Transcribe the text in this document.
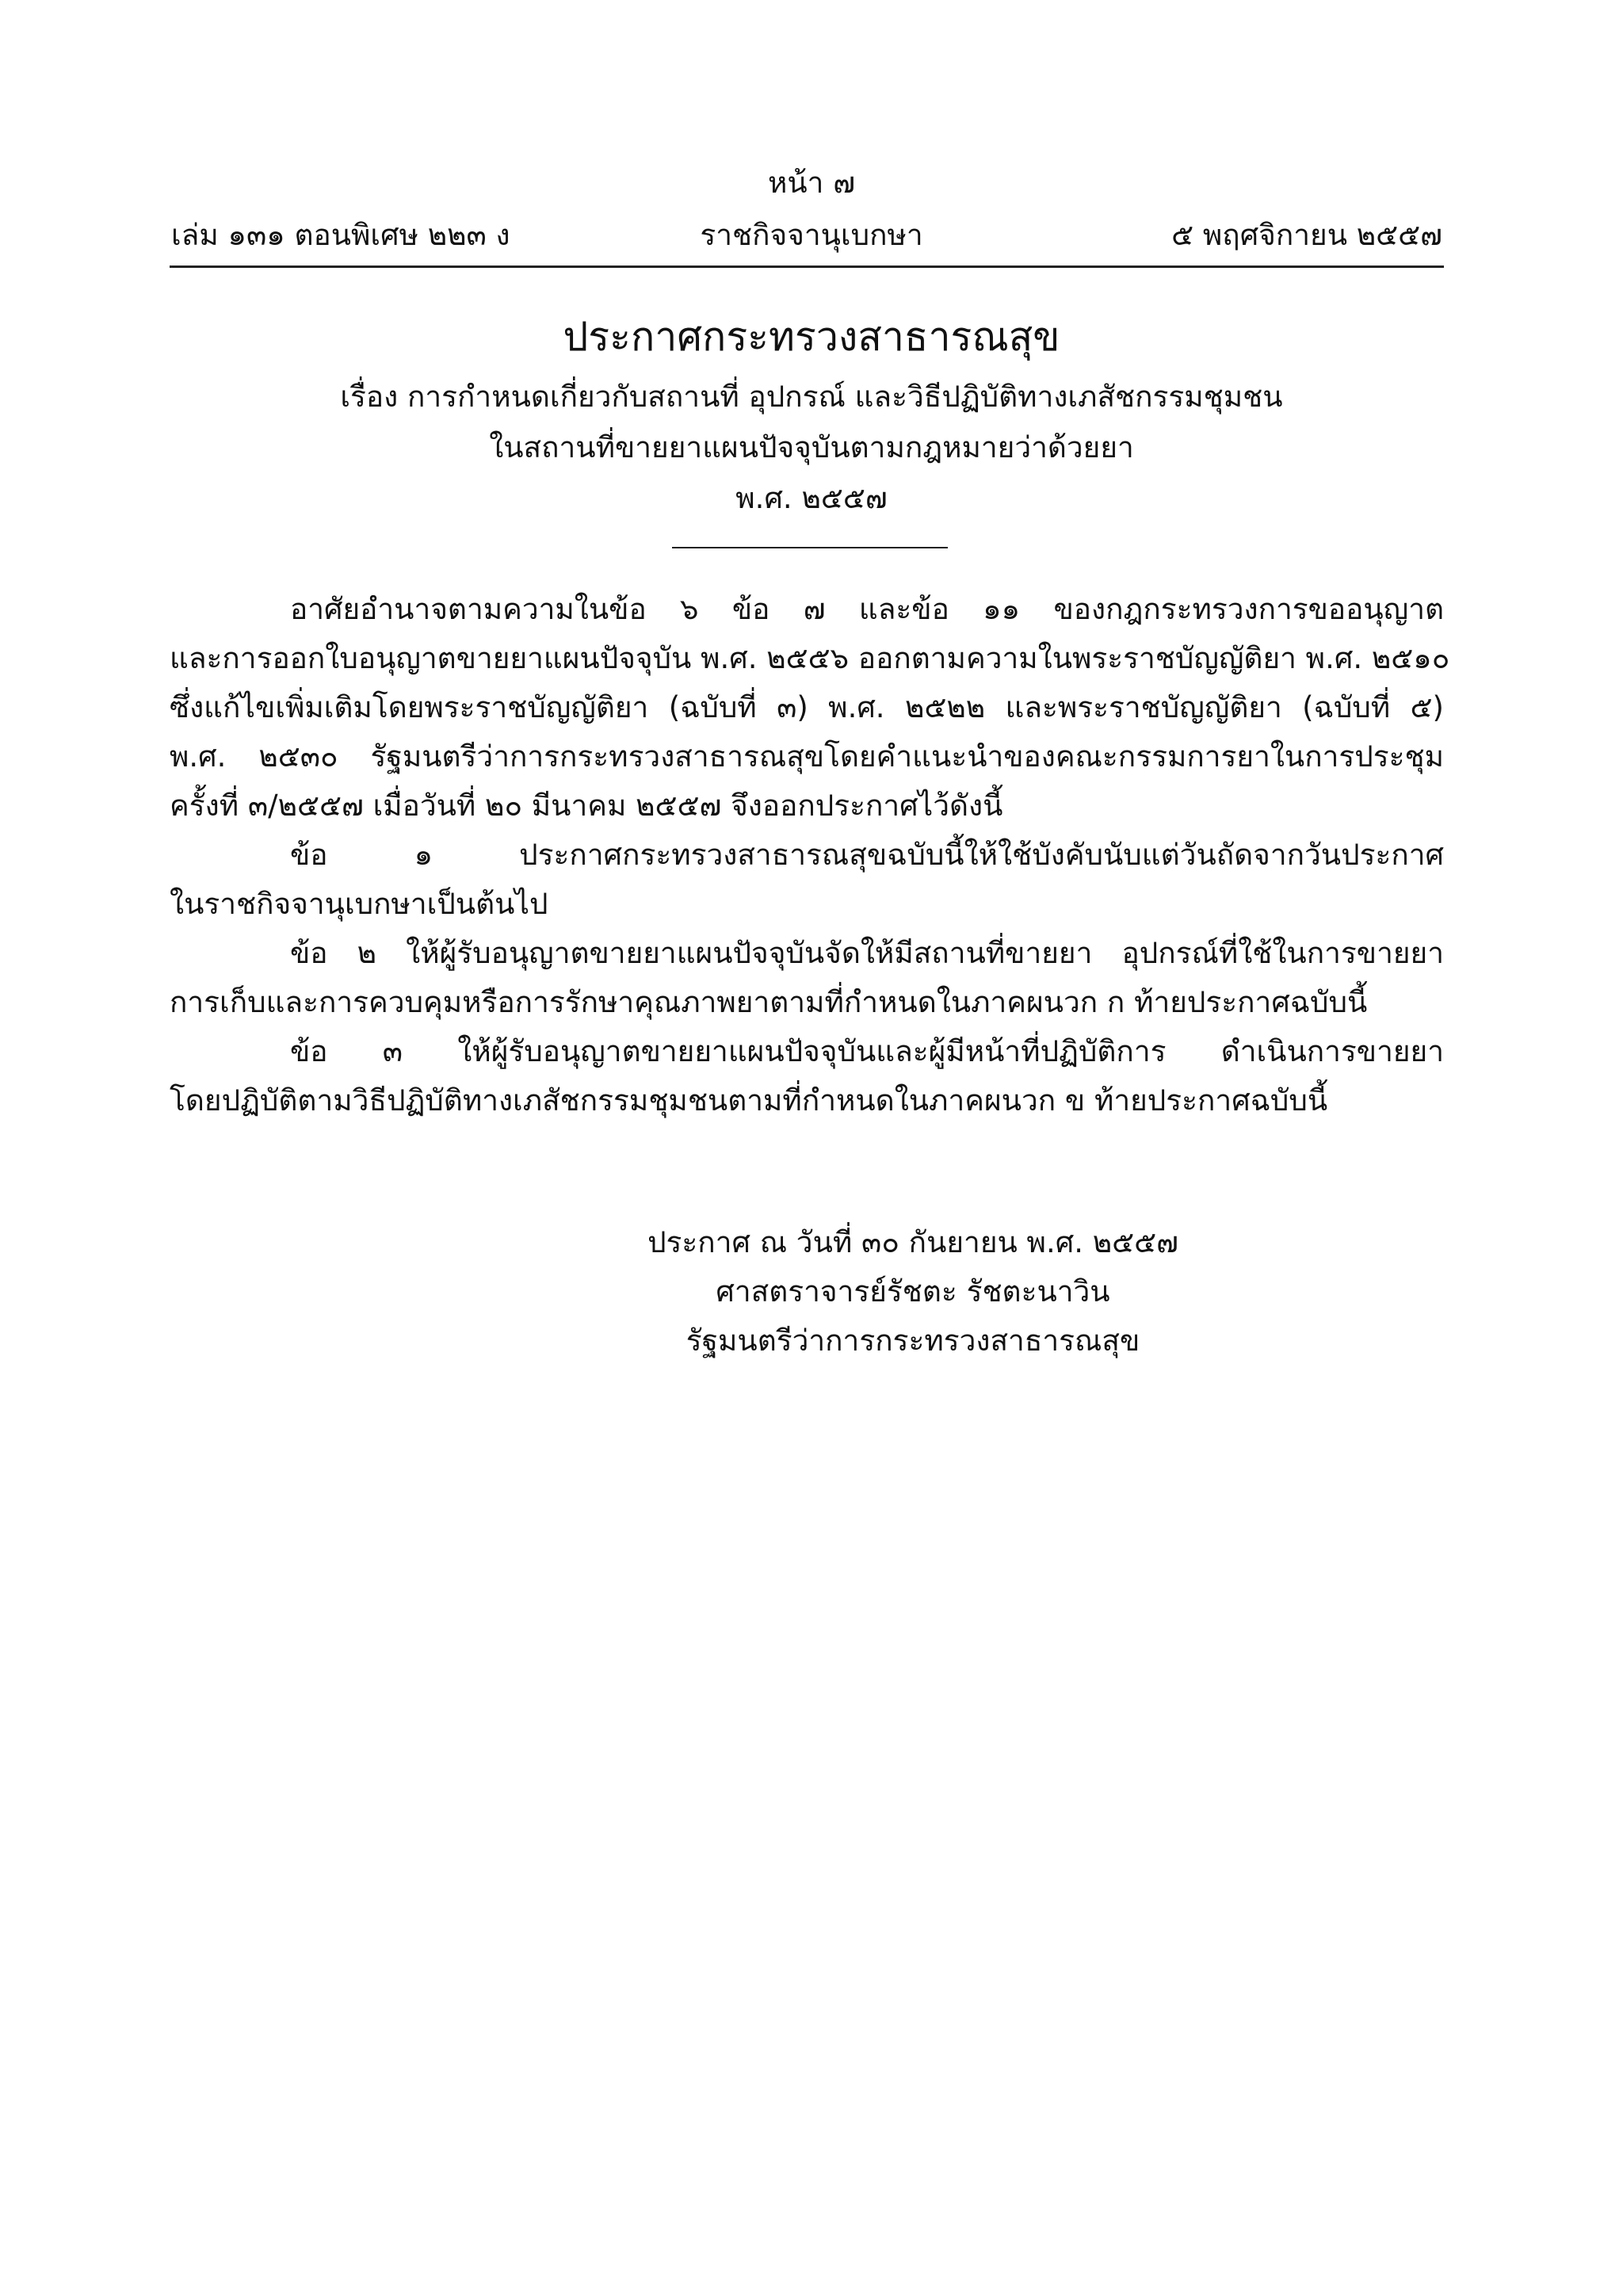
หน้า ๗
เล่ม ๑๓๑ ตอนพิเศษ ๒๒๓ ง	ราชกิจจานุเบกษา	๕ พฤศจิกายน ๒๕๕๗
ประกาศกระทรวงสาธารณสุข
เรื่อง การกำหนดเกี่ยวกับสถานที่ อุปกรณ์ และวิธีปฏิบัติทางเภสัชกรรมชุมชน
ในสถานที่ขายยาแผนปัจจุบันตามกฎหมายว่าด้วยยา
พ.ศ. ๒๕๕๗
อาศัยอำนาจตามความในข้อ ๖ ข้อ ๗ และข้อ ๑๑ ของกฎกระทรวงการขออนุญาต
และการออกใบอนุญาตขายยาแผนปัจจุบัน พ.ศ. ๒๕๕๖ ออกตามความในพระราชบัญญัติยา พ.ศ. ๒๕๑๐
ซึ่งแก้ไขเพิ่มเติมโดยพระราชบัญญัติยา (ฉบับที่ ๓) พ.ศ. ๒๕๒๒ และพระราชบัญญัติยา (ฉบับที่ ๕)
พ.ศ. ๒๕๓๐ รัฐมนตรีว่าการกระทรวงสาธารณสุขโดยคำแนะนำของคณะกรรมการยาในการประชุม
ครั้งที่ ๓/๒๕๕๗ เมื่อวันที่ ๒๐ มีนาคม ๒๕๕๗ จึงออกประกาศไว้ดังนี้
ข้อ ๑ ประกาศกระทรวงสาธารณสุขฉบับนี้ให้ใช้บังคับนับแต่วันถัดจากวันประกาศ
ในราชกิจจานุเบกษาเป็นต้นไป
ข้อ ๒ ให้ผู้รับอนุญาตขายยาแผนปัจจุบันจัดให้มีสถานที่ขายยา อุปกรณ์ที่ใช้ในการขายยา
การเก็บและการควบคุมหรือการรักษาคุณภาพยาตามที่กำหนดในภาคผนวก ก ท้ายประกาศฉบับนี้
ข้อ ๓ ให้ผู้รับอนุญาตขายยาแผนปัจจุบันและผู้มีหน้าที่ปฏิบัติการ ดำเนินการขายยา
โดยปฏิบัติตามวิธีปฏิบัติทางเภสัชกรรมชุมชนตามที่กำหนดในภาคผนวก ข ท้ายประกาศฉบับนี้
ประกาศ ณ วันที่ ๓๐ กันยายน พ.ศ. ๒๕๕๗
ศาสตราจารย์รัชตะ รัชตะนาวิน
รัฐมนตรีว่าการกระทรวงสาธารณสุข
